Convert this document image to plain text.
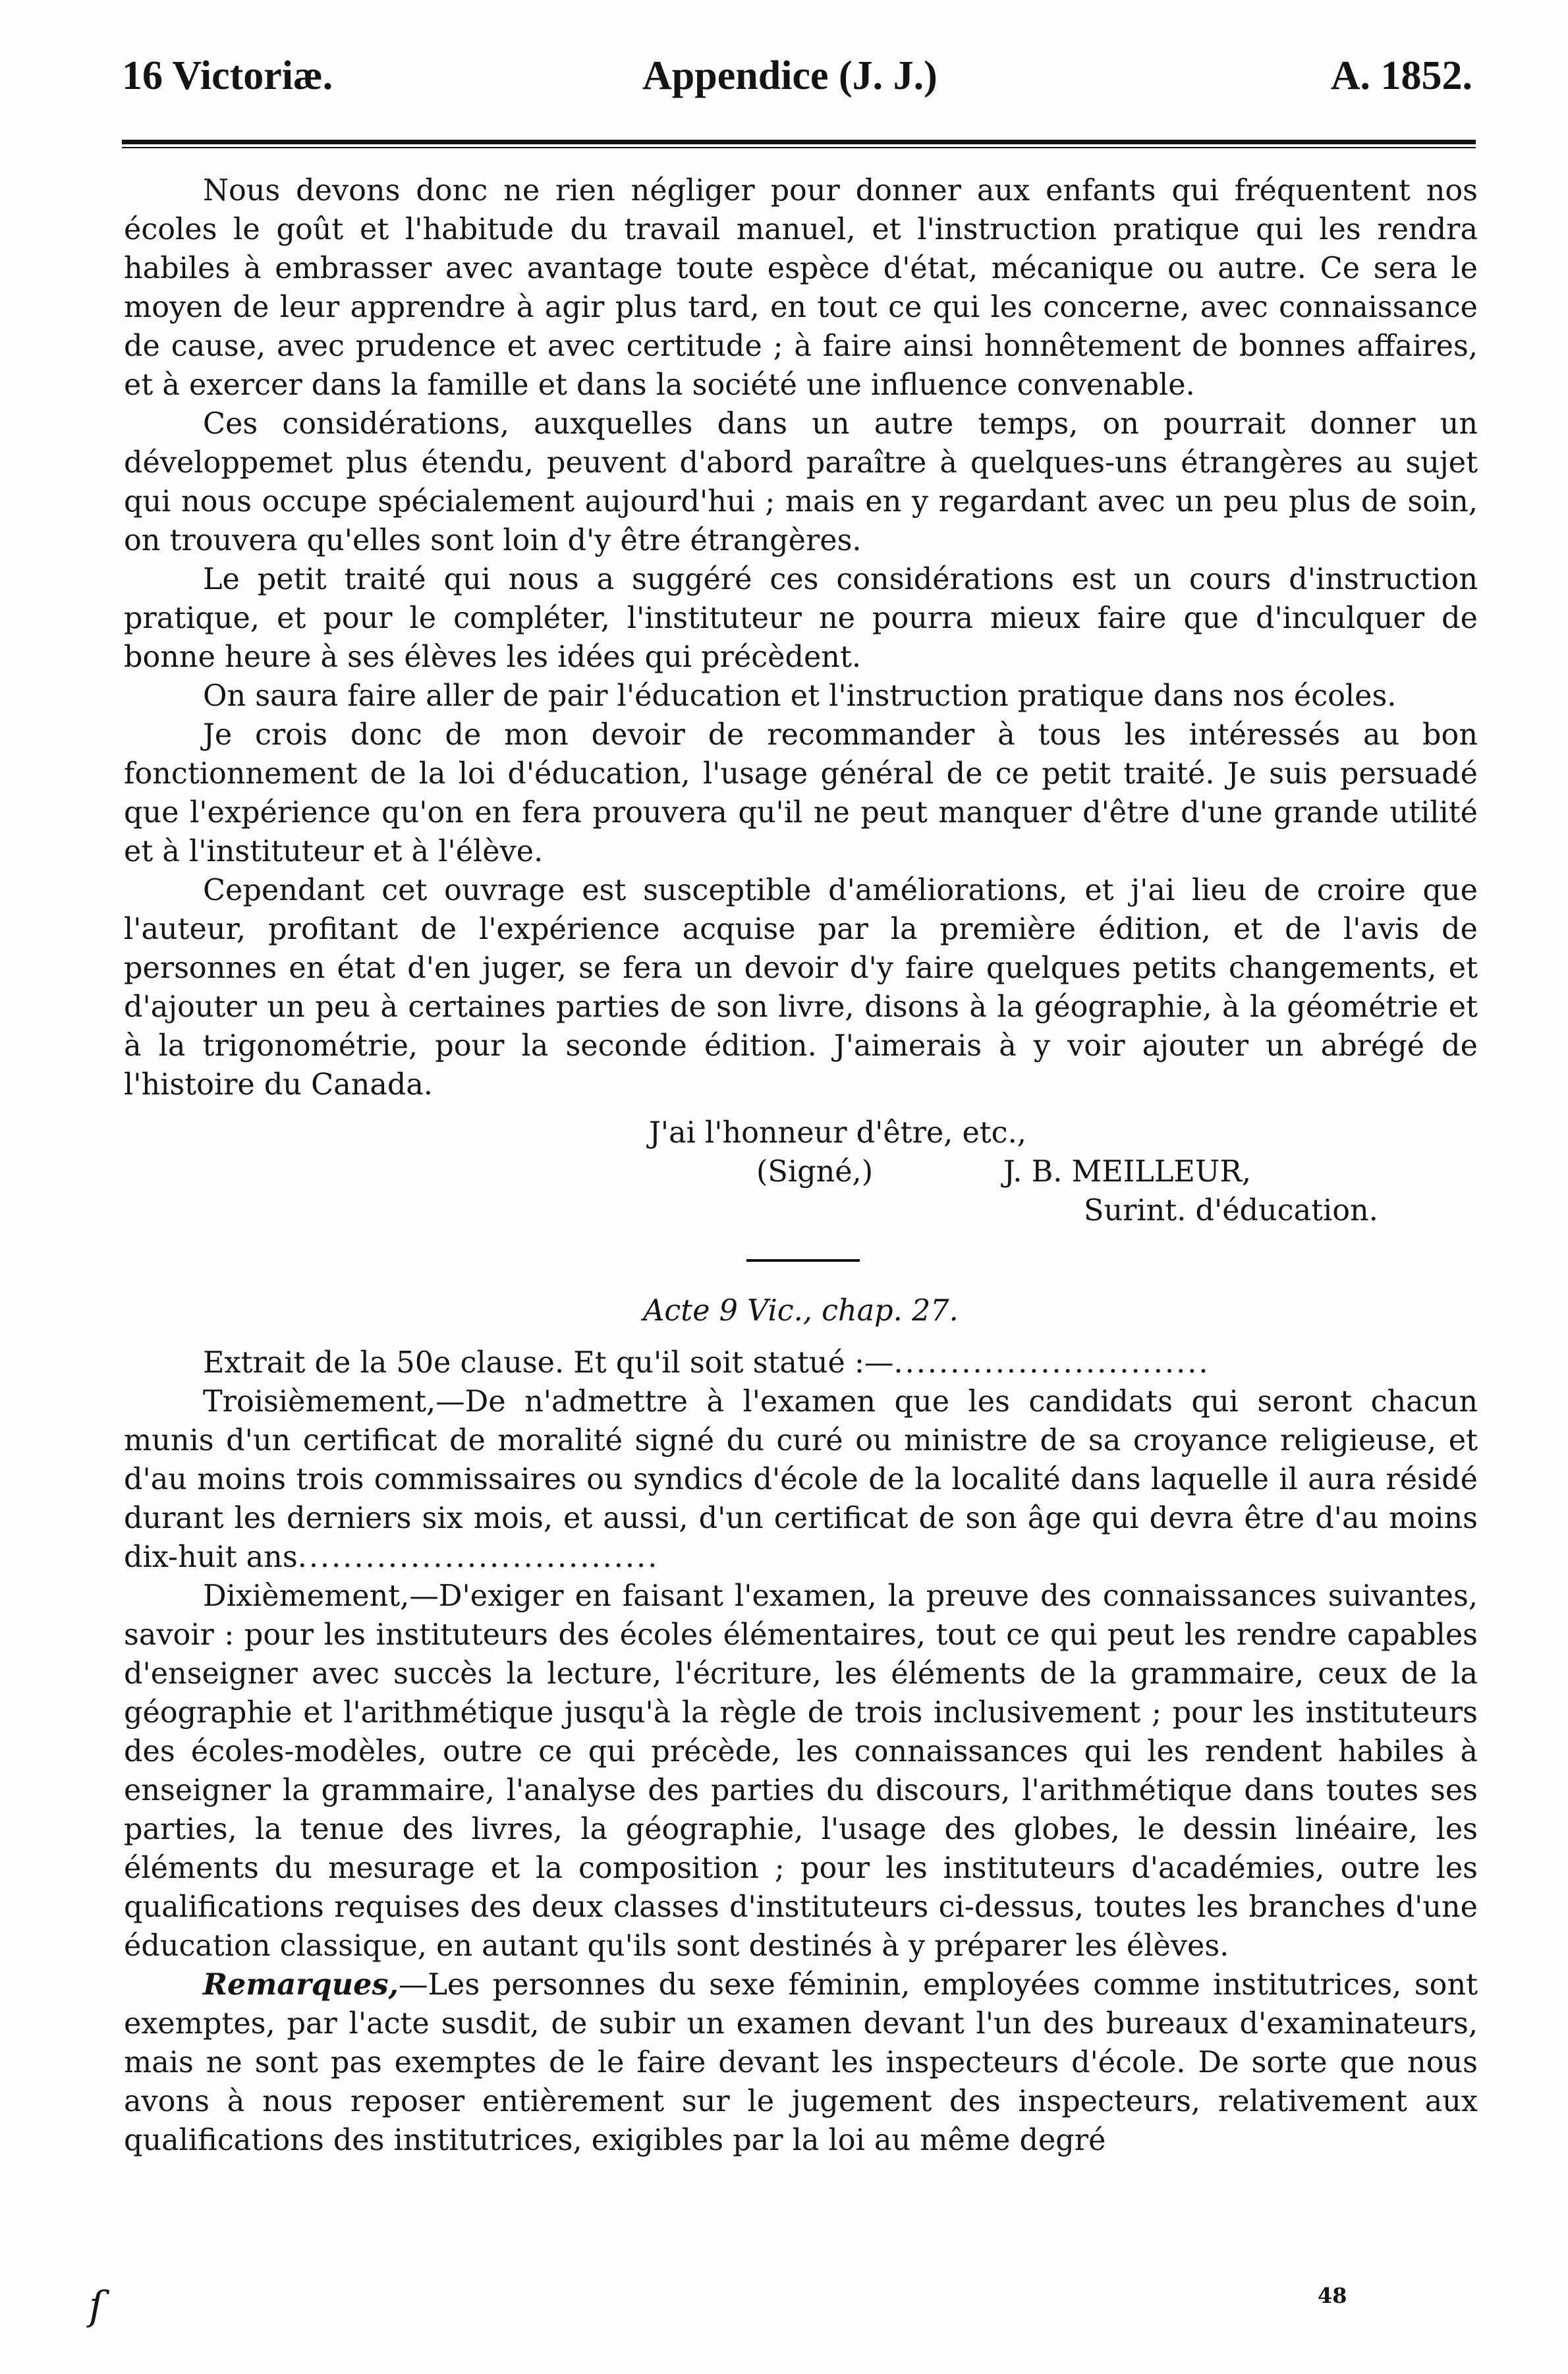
16 Victoriæ.	Appendice (J. J.)	A. 1852.

Nous devons donc ne rien négliger pour donner aux enfants qui fréquentent nos écoles le goût et l'habitude du travail manuel, et l'instruction pratique qui les rendra habiles à embrasser avec avantage toute espèce d'état, mécanique ou autre. Ce sera le moyen de leur apprendre à agir plus tard, en tout ce qui les concerne, avec connaissance de cause, avec prudence et avec certitude ; à faire ainsi honnêtement de bonnes affaires, et à exercer dans la famille et dans la société une influence convenable.

Ces considérations, auxquelles dans un autre temps, on pourrait donner un développemet plus étendu, peuvent d'abord paraître à quelques-uns étrangères au sujet qui nous occupe spécialement aujourd'hui ; mais en y regardant avec un peu plus de soin, on trouvera qu'elles sont loin d'y être étrangères.

Le petit traité qui nous a suggéré ces considérations est un cours d'instruction pratique, et pour le compléter, l'instituteur ne pourra mieux faire que d'inculquer de bonne heure à ses élèves les idées qui précèdent.

On saura faire aller de pair l'éducation et l'instruction pratique dans nos écoles.

Je crois donc de mon devoir de recommander à tous les intéressés au bon fonctionnement de la loi d'éducation, l'usage général de ce petit traité. Je suis persuadé que l'expérience qu'on en fera prouvera qu'il ne peut manquer d'être d'une grande utilité et à l'instituteur et à l'élève.

Cependant cet ouvrage est susceptible d'améliorations, et j'ai lieu de croire que l'auteur, profitant de l'expérience acquise par la première édition, et de l'avis de personnes en état d'en juger, se fera un devoir d'y faire quelques petits changements, et d'ajouter un peu à certaines parties de son livre, disons à la géographie, à la géométrie et à la trigonométrie, pour la seconde édition. J'aimerais à y voir ajouter un abrégé de l'histoire du Canada.

J'ai l'honneur d'être, etc.,
(Signé,)	J. B. MEILLEUR,
Surint. d'éducation.
Acte 9 Vic., chap. 27.

Extrait de la 50e clause. Et qu'il soit statué :—............................

Troisièmement,—De n'admettre à l'examen que les candidats qui seront chacun munis d'un certificat de moralité signé du curé ou ministre de sa croyance religieuse, et d'au moins trois commissaires ou syndics d'école de la localité dans laquelle il aura résidé durant les derniers six mois, et aussi, d'un certificat de son âge qui devra être d'au moins dix-huit ans................................

Dixièmement,—D'exiger en faisant l'examen, la preuve des connaissances suivantes, savoir : pour les instituteurs des écoles élémentaires, tout ce qui peut les rendre capables d'enseigner avec succès la lecture, l'écriture, les éléments de la grammaire, ceux de la géographie et l'arithmétique jusqu'à la règle de trois inclusivement ; pour les instituteurs des écoles-modèles, outre ce qui précède, les connaissances qui les rendent habiles à enseigner la grammaire, l'analyse des parties du discours, l'arithmétique dans toutes ses parties, la tenue des livres, la géographie, l'usage des globes, le dessin linéaire, les éléments du mesurage et la composition ; pour les instituteurs d'académies, outre les qualifications requises des deux classes d'instituteurs ci-dessus, toutes les branches d'une éducation classique, en autant qu'ils sont destinés à y préparer les élèves.

Remarques,—Les personnes du sexe féminin, employées comme institutrices, sont exemptes, par l'acte susdit, de subir un examen devant l'un des bureaux d'examinateurs, mais ne sont pas exemptes de le faire devant les inspecteurs d'école. De sorte que nous avons à nous reposer entièrement sur le jugement des inspecteurs, relativement aux qualifications des institutrices, exigibles par la loi au même degré

ſ	48
